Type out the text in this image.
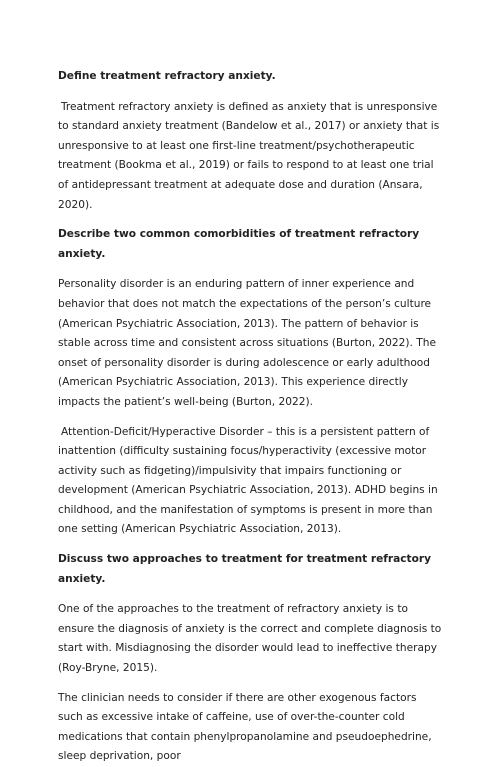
Define treatment refractory anxiety.
Treatment refractory anxiety is defined as anxiety that is unresponsive to standard anxiety treatment (Bandelow et al., 2017) or anxiety that is unresponsive to at least one first-line treatment/psychotherapeutic treatment (Bookma et al., 2019) or fails to respond to at least one trial of antidepressant treatment at adequate dose and duration (Ansara, 2020).
Describe two common comorbidities of treatment refractory anxiety.
Personality disorder is an enduring pattern of inner experience and behavior that does not match the expectations of the person’s culture (American Psychiatric Association, 2013). The pattern of behavior is stable across time and consistent across situations (Burton, 2022). The onset of personality disorder is during adolescence or early adulthood (American Psychiatric Association, 2013). This experience directly impacts the patient’s well-being (Burton, 2022).
Attention-Deficit/Hyperactive Disorder – this is a persistent pattern of inattention (difficulty sustaining focus/hyperactivity (excessive motor activity such as fidgeting)/impulsivity that impairs functioning or development (American Psychiatric Association, 2013). ADHD begins in childhood, and the manifestation of symptoms is present in more than one setting (American Psychiatric Association, 2013).
Discuss two approaches to treatment for treatment refractory anxiety.
One of the approaches to the treatment of refractory anxiety is to ensure the diagnosis of anxiety is the correct and complete diagnosis to start with. Misdiagnosing the disorder would lead to ineffective therapy (Roy-Bryne, 2015).
The clinician needs to consider if there are other exogenous factors such as excessive intake of caffeine, use of over-the-counter cold medications that contain phenylpropanolamine and pseudoephedrine, sleep deprivation, poor
